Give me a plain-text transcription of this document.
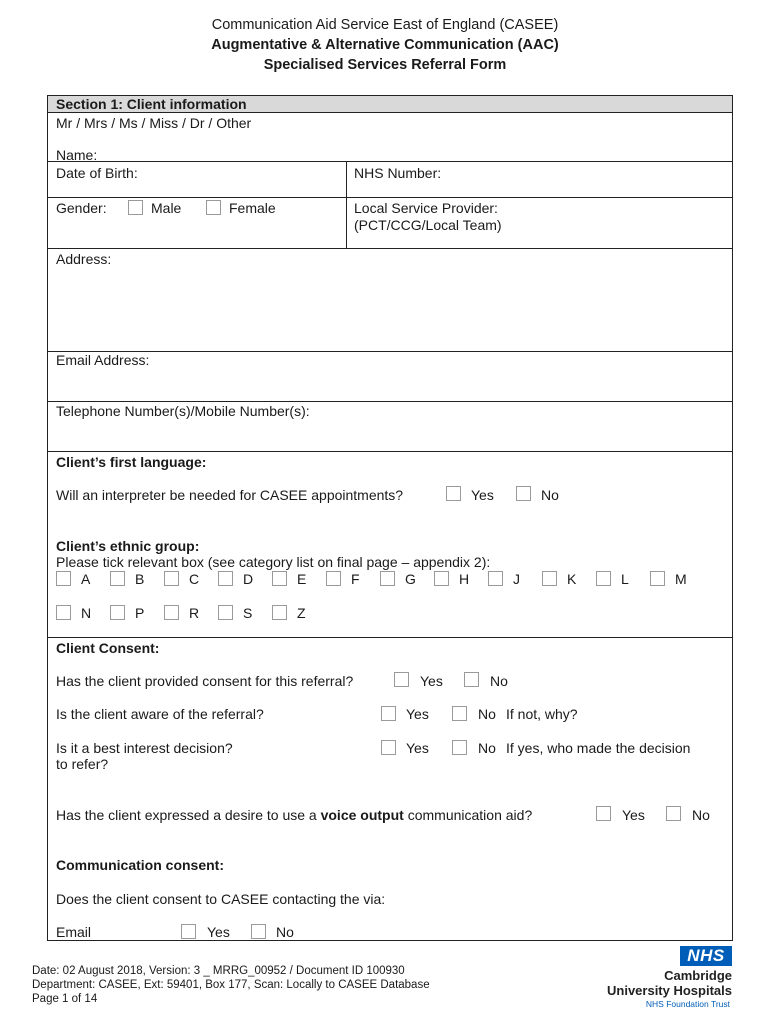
Communication Aid Service East of England (CASEE)
Augmentative & Alternative Communication (AAC)
Specialised Services Referral Form
Section 1: Client information
Mr / Mrs / Ms / Miss / Dr / Other
Name:
Date of Birth:	NHS Number:
Gender:	Male	Female	Local Service Provider:
(PCT/CCG/Local Team)
Address:
Email Address:
Telephone Number(s)/Mobile Number(s):
Client’s first language:
Will an interpreter be needed for CASEE appointments?	Yes	No
Client’s ethnic group:
Please tick relevant box (see category list on final page – appendix 2):
A	B	C	D	E	F	G	H	J	K	L	M
N	P	R	S	Z
Client Consent:
Has the client provided consent for this referral?	Yes	No
Is the client aware of the referral?	Yes	No If not, why?
Is it a best interest decision?
to refer?
Yes	No If yes, who made the decision
Has the client expressed a desire to use a voice output communication aid?	Yes	No
Communication consent:
Does the client consent to CASEE contacting the via:
Email	Yes	No
Date: 02 August 2018, Version: 3 _ MRRG_00952 / Document ID 100930
Department: CASEE, Ext: 59401, Box 177, Scan: Locally to CASEE Database
Page 1 of 14
NHS
Cambridge
University Hospitals
NHS Foundation Trust
